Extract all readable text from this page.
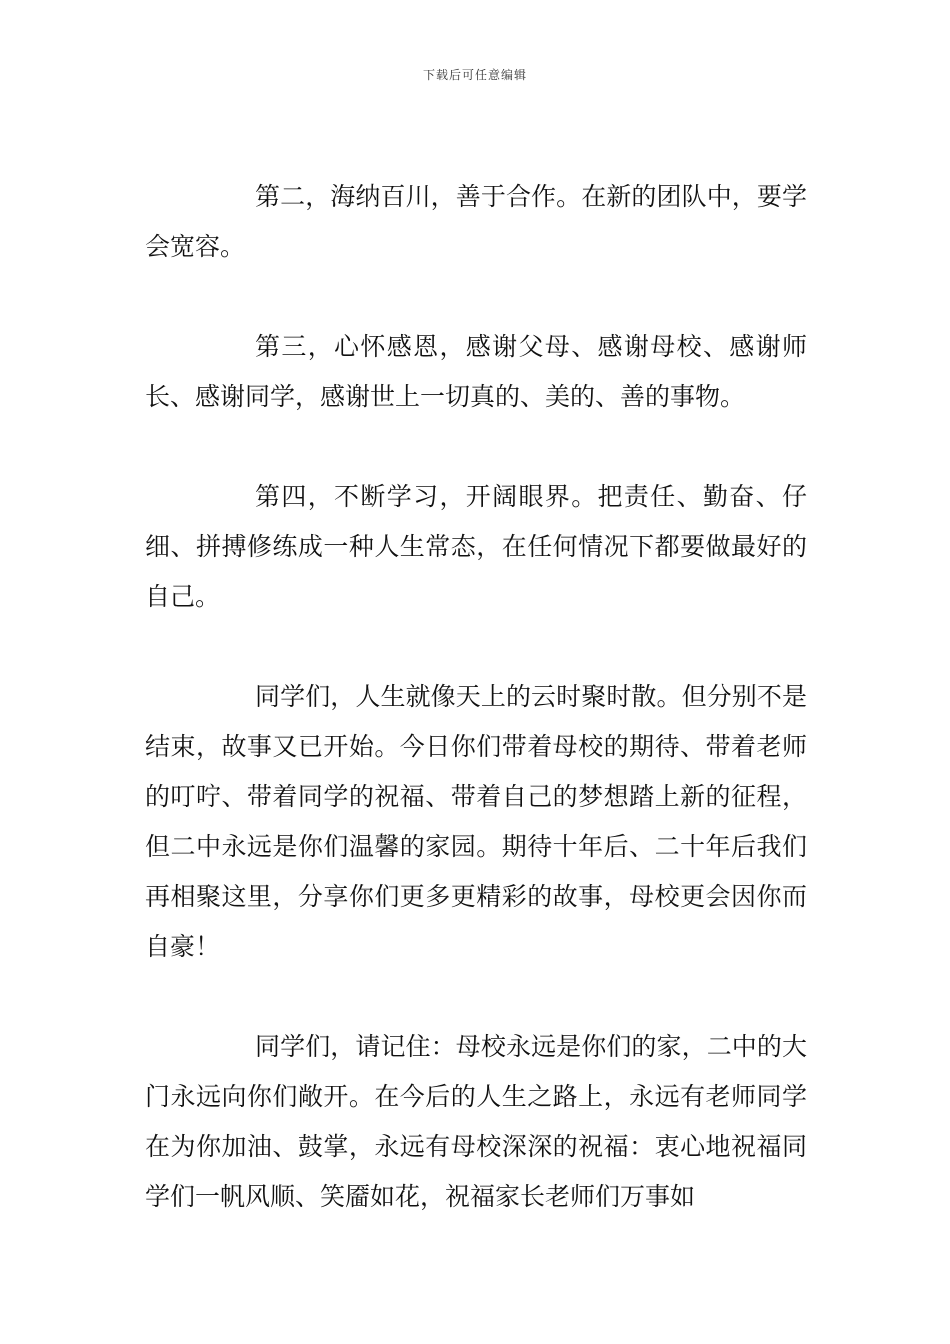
下载后可任意编辑

第二，海纳百川，善于合作。在新的团队中，要学会宽容。

第三，心怀感恩，感谢父母、感谢母校、感谢师长、感谢同学，感谢世上一切真的、美的、善的事物。

第四，不断学习，开阔眼界。把责任、勤奋、仔细、拼搏修练成一种人生常态，在任何情况下都要做最好的自己。

同学们，人生就像天上的云时聚时散。但分别不是结束，故事又已开始。今日你们带着母校的期待、带着老师的叮咛、带着同学的祝福、带着自己的梦想踏上新的征程，但二中永远是你们温馨的家园。期待十年后、二十年后我们再相聚这里，分享你们更多更精彩的故事，母校更会因你而自豪！

同学们，请记住：母校永远是你们的家，二中的大门永远向你们敞开。在今后的人生之路上，永远有老师同学在为你加油、鼓掌，永远有母校深深的祝福：衷心地祝福同学们一帆风顺、笑靥如花，祝福家长老师们万事如
